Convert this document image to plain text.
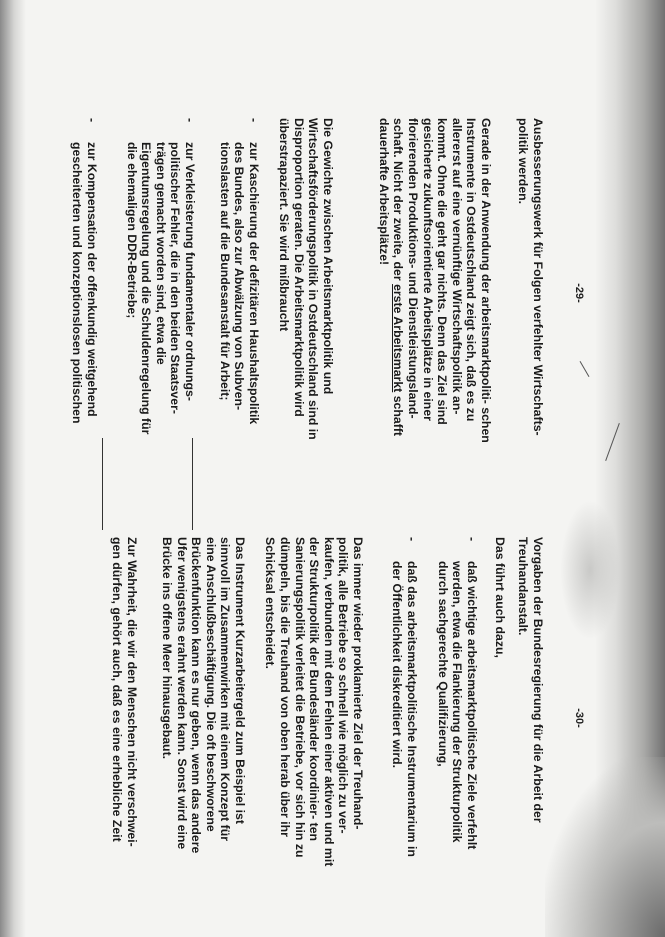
-29-

Ausbesserungswerk für Folgen verfehlter Wirtschafts- politik werden.

Gerade in der Anwendung der arbeitsmarktpoliti- schen Instrumente in Ostdeutschland zeigt sich, daß es zu allererst auf eine vernünftige Wirtschaftspolitik an- kommt. Ohne die geht gar nichts. Denn das Ziel sind gesicherte zukunftsorientierte Arbeitsplätze in einer florierenden Produktions- und Dienstleistungsland- schaft. Nicht der zweite, der erste Arbeitsmarkt schafft dauerhafte Arbeitsplätze!

Die Gewichte zwischen Arbeitsmarktpolitik und Wirtschaftsförderungspolitik in Ostdeutschland sind in Disproportion geraten. Die Arbeitsmarktpolitik wird überstrapaziert. Sie wird mißbraucht

-
zur Kaschierung der defizitären Haushaltspolitik des Bundes, also zur Abwälzung von Subven- tionslasten auf die Bundesanstalt für Arbeit;
-
zur Verkleisterung fundamentaler ordnungs- politischer Fehler, die in den beiden Staatsver- trägen gemacht worden sind, etwa die Eigentumsregelung und die Schuldenregelung für die ehemaligen DDR-Betriebe;
-
zur Kompensation der offenkundig weitgehend gescheiterten und konzeptionslosen politischen
-30-

Vorgaben der Bundesregierung für die Arbeit der Treuhandanstalt.

Das führt auch dazu,

-
daß wichtige arbeitsmarktpolitische Ziele verfehlt werden, etwa die Flankierung der Strukturpolitik durch sachgerechte Qualifizierung,
-
daß das arbeitsmarktpolitische Instrumentarium in der Öffentlichkeit diskreditiert wird.

Das immer wieder proklamierte Ziel der Treuhand- politik, alle Betriebe so schnell wie möglich zu ver- kaufen, verbunden mit dem Fehlen einer aktiven und mit der Strukturpolitik der Bundesländer koordinier- ten Sanierungspolitik verleitet die Betriebe, vor sich hin zu dümpeln, bis die Treuhand von oben herab über ihr Schicksal entscheidet.

Das Instrument Kurzarbeitergeld zum Beispiel ist sinnvoll im Zusammenwirken mit einem Konzept für eine Anschlußbeschäftigung. Die oft beschworene Brückenfunktion kann es nur geben, wenn das andere Ufer wenigstens erahnt werden kann. Sonst wird eine Brücke ins offene Meer hinausgebaut.

Zur Wahrheit, die wir den Menschen nicht verschwei- gen dürfen, gehört auch, daß es eine erhebliche Zeit
